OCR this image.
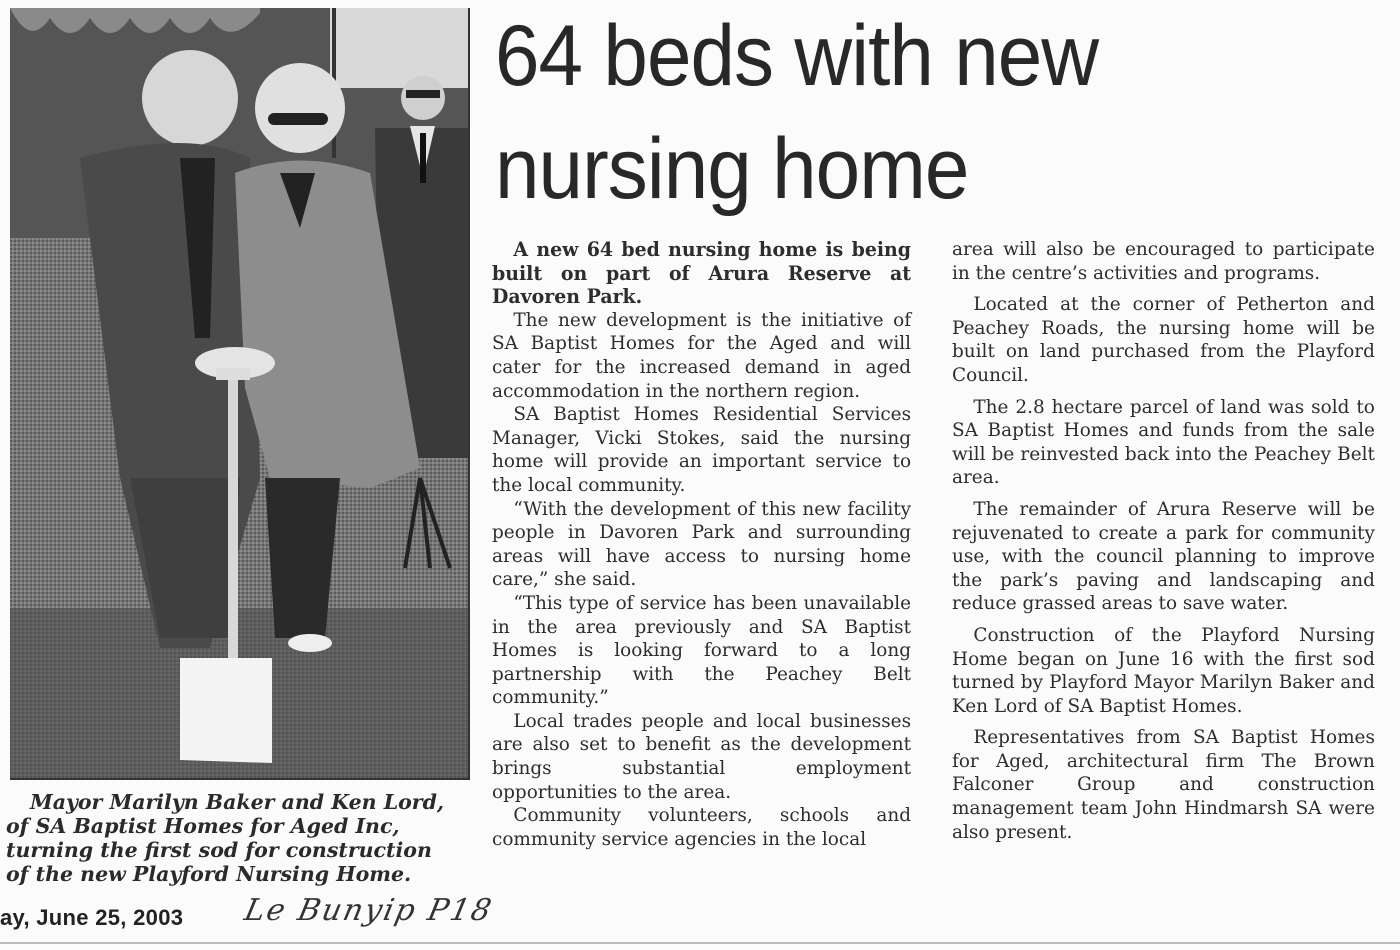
Mayor Marilyn Baker and Ken Lord,
of SA Baptist Homes for Aged Inc,
turning the first sod for construction
of the new Playford Nursing Home.
ay, June 25, 2003 Le Bunyip P18
64 beds with new
nursing home

A new 64 bed nursing home is being built on part of Arura Reserve at Davoren Park.

The new development is the initiative of SA Baptist Homes for the Aged and will cater for the increased demand in aged accommodation in the northern region.

SA Baptist Homes Residential Services Manager, Vicki Stokes, said the nursing home will provide an important service to the local community.

“With the development of this new facility people in Davoren Park and surrounding areas will have access to nursing home care,” she said.

“This type of service has been unavailable in the area previously and SA Baptist Homes is looking forward to a long partnership with the Peachey Belt community.”

Local trades people and local businesses are also set to benefit as the development brings substantial employment opportunities to the area.

Community volunteers, schools and community service agencies in the local

area will also be encouraged to participate in the centre’s activities and programs.

Located at the corner of Petherton and Peachey Roads, the nursing home will be built on land purchased from the Playford Council.

The 2.8 hectare parcel of land was sold to SA Baptist Homes and funds from the sale will be reinvested back into the Peachey Belt area.

The remainder of Arura Reserve will be rejuvenated to create a park for community use, with the council planning to improve the park’s paving and landscaping and reduce grassed areas to save water.

Construction of the Playford Nursing Home began on June 16 with the first sod turned by Playford Mayor Marilyn Baker and Ken Lord of SA Baptist Homes.

Representatives from SA Baptist Homes for Aged, architectural firm The Brown Falconer Group and construction management team John Hindmarsh SA were also present.
